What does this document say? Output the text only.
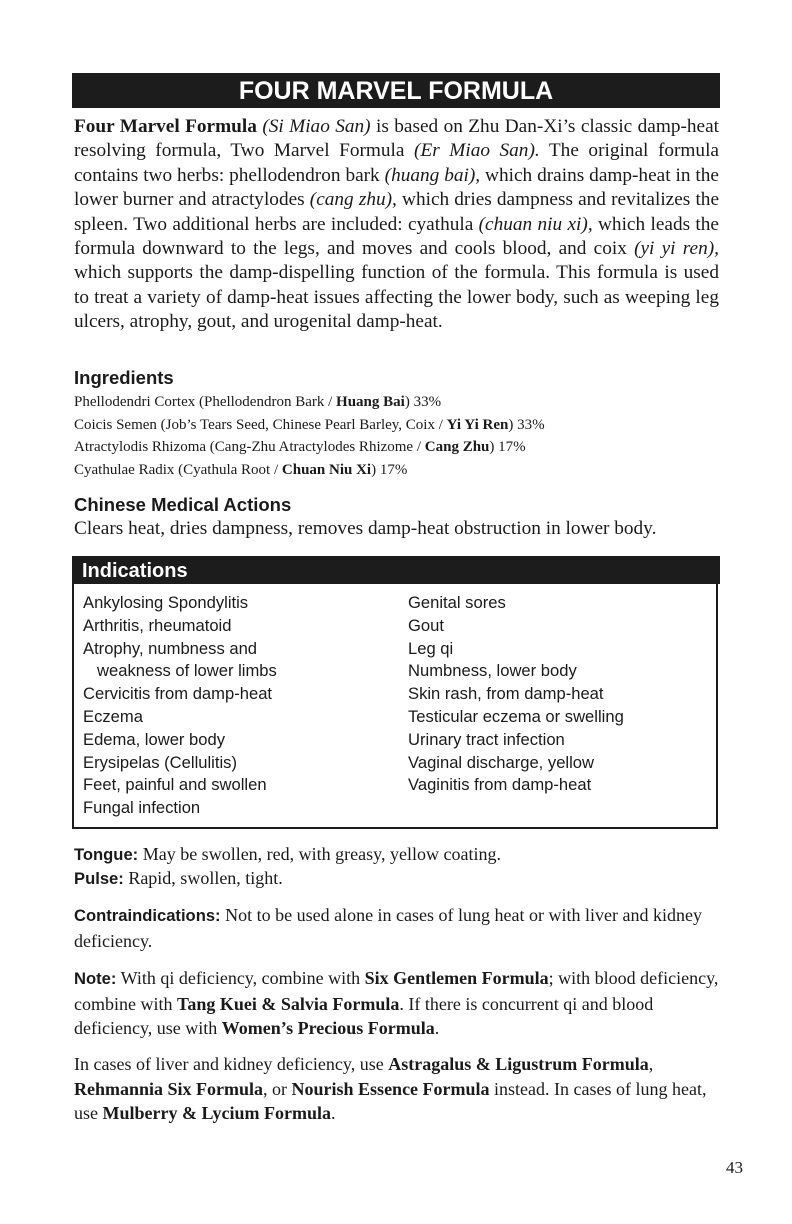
FOUR MARVEL FORMULA
Four Marvel Formula (Si Miao San) is based on Zhu Dan-Xi’s classic damp-heat resolving formula, Two Marvel Formula (Er Miao San). The original formula contains two herbs: phellodendron bark (huang bai), which drains damp-heat in the lower burner and atractylodes (cang zhu), which dries dampness and revitalizes the spleen. Two additional herbs are included: cyathula (chuan niu xi), which leads the formula downward to the legs, and moves and cools blood, and coix (yi yi ren), which supports the damp-dispelling function of the formula. This formula is used to treat a variety of damp-heat issues affecting the lower body, such as weeping leg ulcers, atrophy, gout, and urogenital damp-heat.
Ingredients
Phellodendri Cortex (Phellodendron Bark / Huang Bai) 33%
Coicis Semen (Job’s Tears Seed, Chinese Pearl Barley, Coix / Yi Yi Ren) 33%
Atractylodis Rhizoma (Cang-Zhu Atractylodes Rhizome / Cang Zhu) 17%
Cyathulae Radix (Cyathula Root / Chuan Niu Xi) 17%
Chinese Medical Actions
Clears heat, dries dampness, removes damp-heat obstruction in lower body.
Indications
Ankylosing Spondylitis
Arthritis, rheumatoid
Atrophy, numbness and
weakness of lower limbs
Cervicitis from damp-heat
Eczema
Edema, lower body
Erysipelas (Cellulitis)
Feet, painful and swollen
Fungal infection
Genital sores
Gout
Leg qi
Numbness, lower body
Skin rash, from damp-heat
Testicular eczema or swelling
Urinary tract infection
Vaginal discharge, yellow
Vaginitis from damp-heat
Tongue: May be swollen, red, with greasy, yellow coating.
Pulse: Rapid, swollen, tight.
Contraindications: Not to be used alone in cases of lung heat or with liver and kidney deficiency.
Note: With qi deficiency, combine with Six Gentlemen Formula; with blood deficiency, combine with Tang Kuei & Salvia Formula. If there is concurrent qi and blood deficiency, use with Women’s Precious Formula.
In cases of liver and kidney deficiency, use Astragalus & Ligustrum Formula, Rehmannia Six Formula, or Nourish Essence Formula instead. In cases of lung heat, use Mulberry & Lycium Formula.
43
